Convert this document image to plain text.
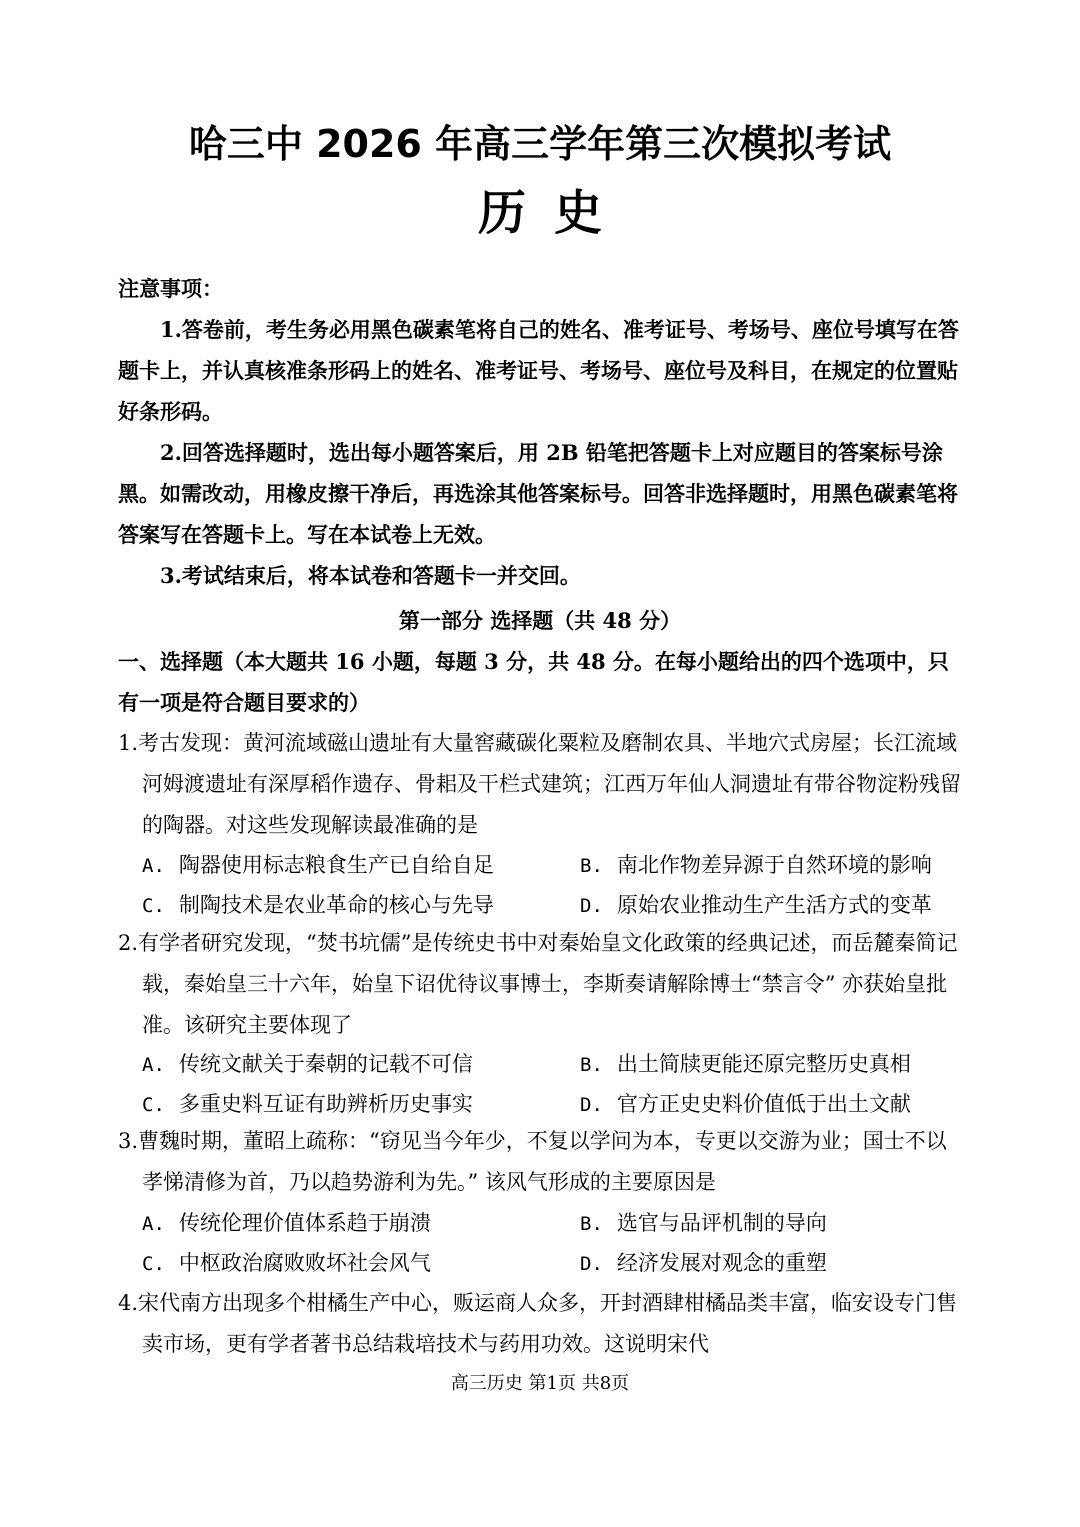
哈三中 2026 年高三学年第三次模拟考试
历史
注意事项：
1.答卷前，考生务必用黑色碳素笔将自己的姓名、准考证号、考场号、座位号填写在答题卡上，并认真核准条形码上的姓名、准考证号、考场号、座位号及科目，在规定的位置贴好条形码。
2.回答选择题时，选出每小题答案后，用 2B 铅笔把答题卡上对应题目的答案标号涂黑。如需改动，用橡皮擦干净后，再选涂其他答案标号。回答非选择题时，用黑色碳素笔将答案写在答题卡上。写在本试卷上无效。
3.考试结束后，将本试卷和答题卡一并交回。
第一部分 选择题（共 48 分）
一、选择题（本大题共 16 小题，每题 3 分，共 48 分。在每小题给出的四个选项中，只有一项是符合题目要求的）
1.考古发现：黄河流域磁山遗址有大量窖藏碳化粟粒及磨制农具、半地穴式房屋；长江流域河姆渡遗址有深厚稻作遗存、骨耜及干栏式建筑；江西万年仙人洞遗址有带谷物淀粉残留的陶器。对这些发现解读最准确的是
A. 陶器使用标志粮食生产已自给自足	B. 南北作物差异源于自然环境的影响
C. 制陶技术是农业革命的核心与先导	D. 原始农业推动生产生活方式的变革
2.有学者研究发现，“焚书坑儒”是传统史书中对秦始皇文化政策的经典记述，而岳麓秦简记载，秦始皇三十六年，始皇下诏优待议事博士，李斯奏请解除博士“禁言令” 亦获始皇批准。该研究主要体现了
A. 传统文献关于秦朝的记载不可信	B. 出土简牍更能还原完整历史真相
C. 多重史料互证有助辨析历史事实	D. 官方正史史料价值低于出土文献
3.曹魏时期，董昭上疏称：“窃见当今年少，不复以学问为本，专更以交游为业；国士不以孝悌清修为首，乃以趋势游利为先。” 该风气形成的主要原因是
A. 传统伦理价值体系趋于崩溃	B. 选官与品评机制的导向
C. 中枢政治腐败败坏社会风气	D. 经济发展对观念的重塑
4.宋代南方出现多个柑橘生产中心，贩运商人众多，开封酒肆柑橘品类丰富，临安设专门售卖市场，更有学者著书总结栽培技术与药用功效。这说明宋代
高三历史 第1页 共8页
